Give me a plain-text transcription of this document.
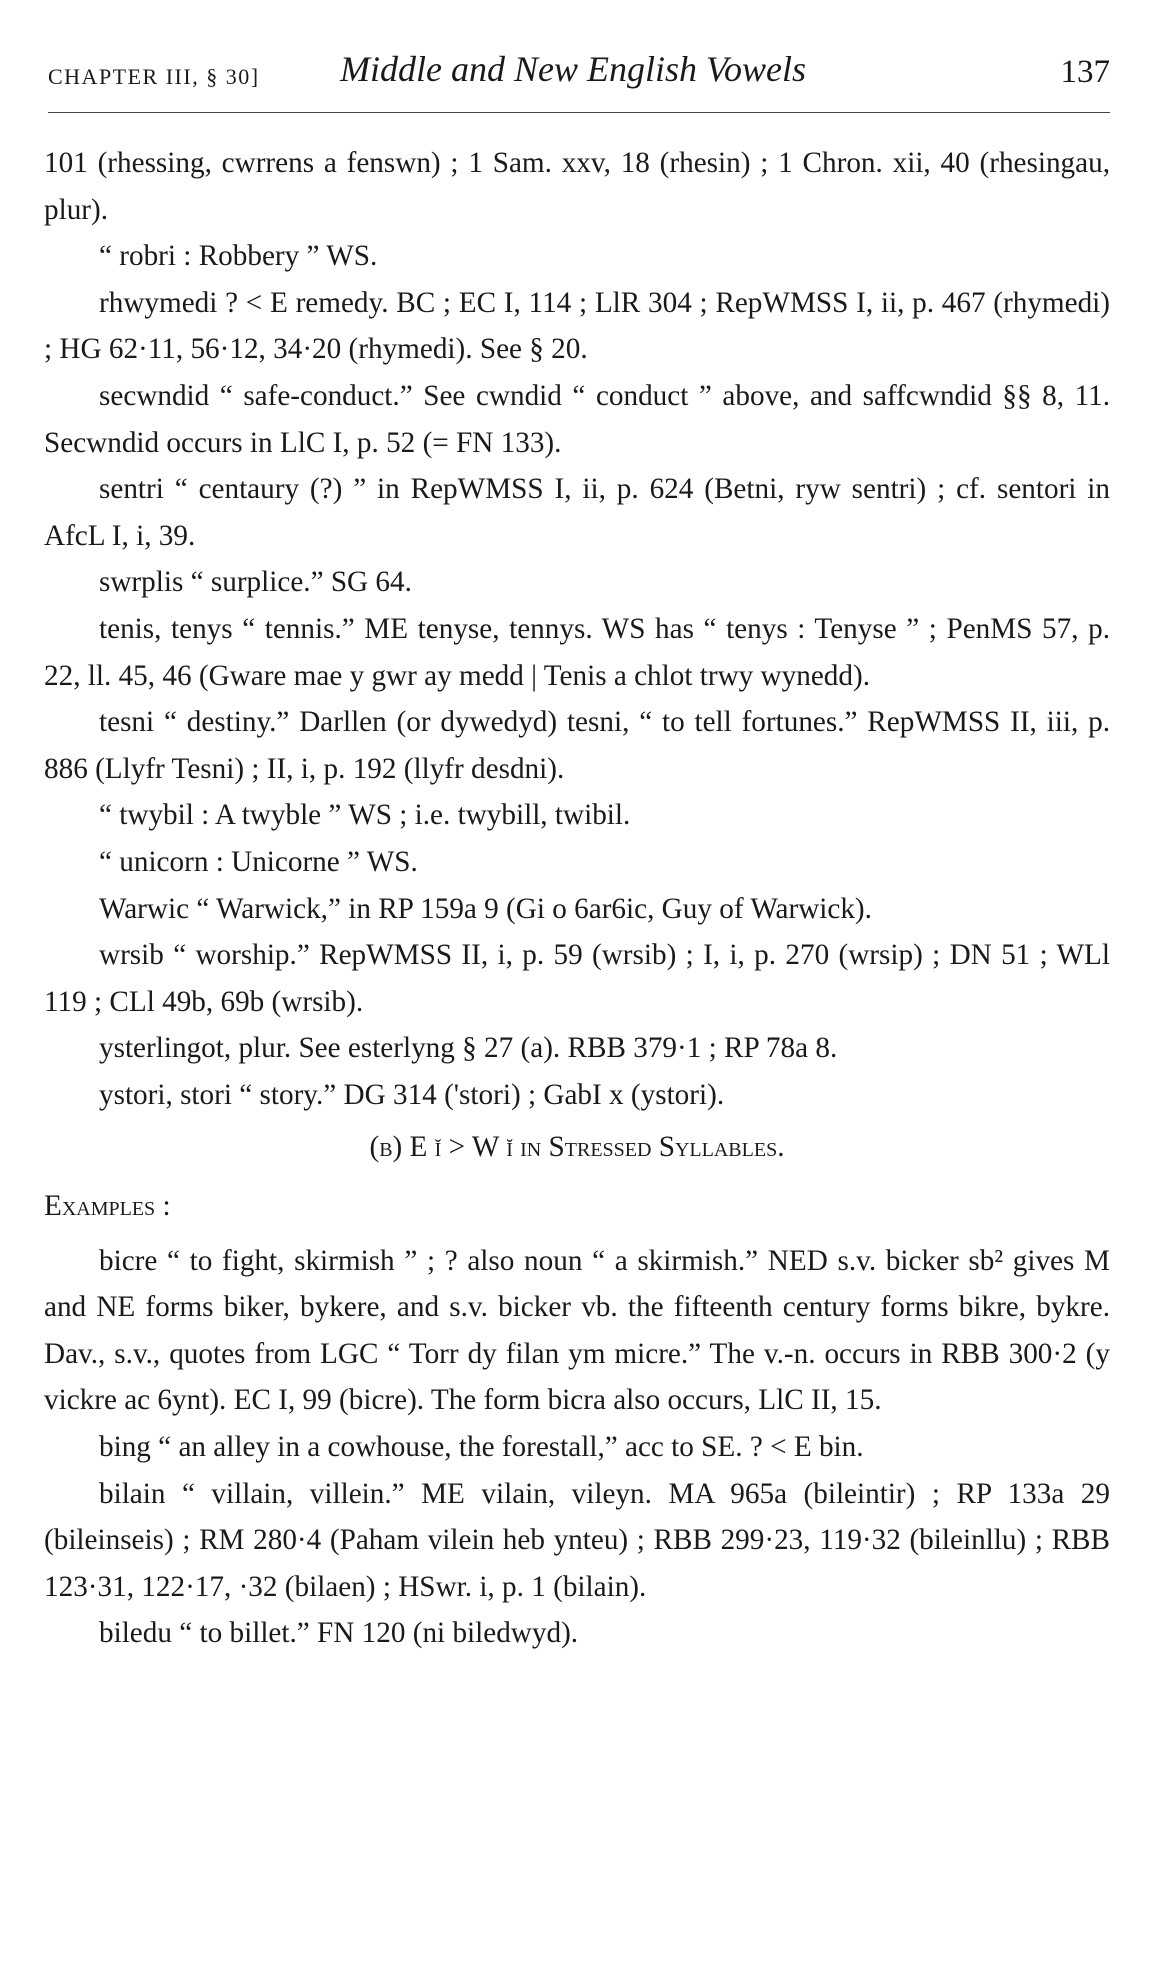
CHAPTER III, § 30] Middle and New English Vowels	137

101 (rhessing, cwrrens a fenswn) ; 1 Sam. xxv, 18 (rhesin) ; 1 Chron. xii, 40 (rhesingau, plur).

“ robri : Robbery ” WS.

rhwymedi ? < E remedy. BC ; EC I, 114 ; LlR 304 ; RepWMSS I, ii, p. 467 (rhymedi) ; HG 62·11, 56·12, 34·20 (rhymedi). See § 20.

secwndid “ safe-conduct.” See cwndid “ conduct ” above, and saffcwndid §§ 8, 11. Secwndid occurs in LlC I, p. 52 (= FN 133).

sentri “ centaury (?) ” in RepWMSS I, ii, p. 624 (Betni, ryw sentri) ; cf. sentori in AfcL I, i, 39.

swrplis “ surplice.” SG 64.

tenis, tenys “ tennis.” ME tenyse, tennys. WS has “ tenys : Tenyse ” ; PenMS 57, p. 22, ll. 45, 46 (Gware mae y gwr ay medd | Tenis a chlot trwy wynedd).

tesni “ destiny.” Darllen (or dywedyd) tesni, “ to tell fortunes.” RepWMSS II, iii, p. 886 (Llyfr Tesni) ; II, i, p. 192 (llyfr desdni).

“ twybil : A twyble ” WS ; i.e. twybill, twibil.

“ unicorn : Unicorne ” WS.

Warwic “ Warwick,” in RP 159a 9 (Gi o 6ar6ic, Guy of Warwick).

wrsib “ worship.” RepWMSS II, i, p. 59 (wrsib) ; I, i, p. 270 (wrsip) ; DN 51 ; WLl 119 ; CLl 49b, 69b (wrsib).

ysterlingot, plur. See esterlyng § 27 (a). RBB 379·1 ; RP 78a 8.

ystori, stori “ story.” DG 314 ('stori) ; GabI x (ystori).

(b) E ĭ > W ĭ in Stressed Syllables.

Examples :

bicre “ to fight, skirmish ” ; ? also noun “ a skirmish.” NED s.v. bicker sb² gives M and NE forms biker, bykere, and s.v. bicker vb. the fifteenth century forms bikre, bykre. Dav., s.v., quotes from LGC “ Torr dy filan ym micre.” The v.-n. occurs in RBB 300·2 (y vickre ac 6ynt). EC I, 99 (bicre). The form bicra also occurs, LlC II, 15.

bing “ an alley in a cowhouse, the forestall,” acc to SE. ? < E bin.

bilain “ villain, villein.” ME vilain, vileyn. MA 965a (bileintir) ; RP 133a 29 (bileinseis) ; RM 280·4 (Paham vilein heb ynteu) ; RBB 299·23, 119·32 (bileinllu) ; RBB 123·31, 122·17, ·32 (bilaen) ; HSwr. i, p. 1 (bilain).

biledu “ to billet.” FN 120 (ni biledwyd).
